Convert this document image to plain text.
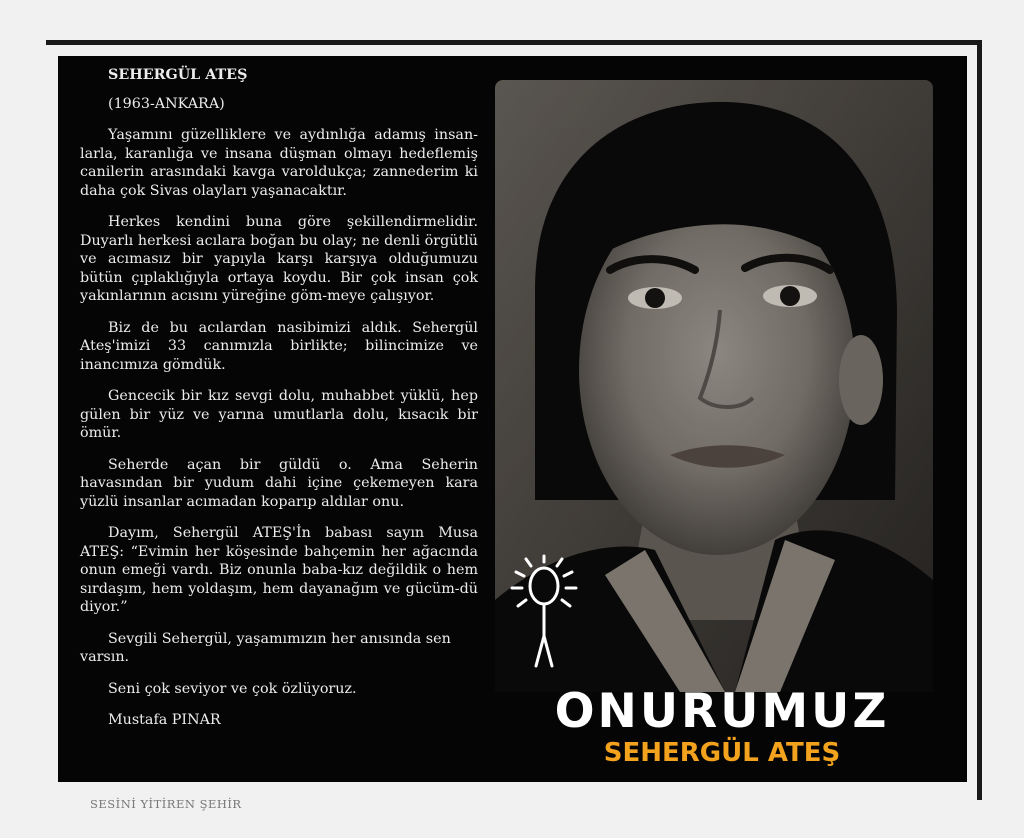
SEHERGÜL ATEŞ

(1963-ANKARA)

Yaşamını güzelliklere ve aydınlığa adamış insan-larla, karanlığa ve insana düşman olmayı hedeflemiş canilerin arasındaki kavga varoldukça; zannederim ki daha çok Sivas olayları yaşanacaktır.

Herkes kendini buna göre şekillendirmelidir. Duyarlı herkesi acılara boğan bu olay; ne denli örgütlü ve acımasız bir yapıyla karşı karşıya olduğumuzu bütün çıplaklığıyla ortaya koydu. Bir çok insan çok yakınlarının acısını yüreğine göm-meye çalışıyor.

Biz de bu acılardan nasibimizi aldık. Sehergül Ateş'imizi 33 canımızla birlikte; bilincimize ve inancımıza gömdük.

Gencecik bir kız sevgi dolu, muhabbet yüklü, hep gülen bir yüz ve yarına umutlarla dolu, kısacık bir ömür.

Seherde açan bir güldü o. Ama Seherin havasından bir yudum dahi içine çekemeyen kara yüzlü insanlar acımadan koparıp aldılar onu.

Dayım, Sehergül ATEŞ'İn babası sayın Musa ATEŞ: “Evimin her köşesinde bahçemin her ağacında onun emeği vardı. Biz onunla baba-kız değildik o hem sırdaşım, hem yoldaşım, hem dayanağım ve gücüm-dü diyor.”

Sevgili Sehergül, yaşamımızın her anısında sen varsın.

Seni çok seviyor ve çok özlüyoruz.

Mustafa PINAR	ONURUMUZ
SEHERGÜL ATEŞ
SESİNİ YİTİREN ŞEHİR
